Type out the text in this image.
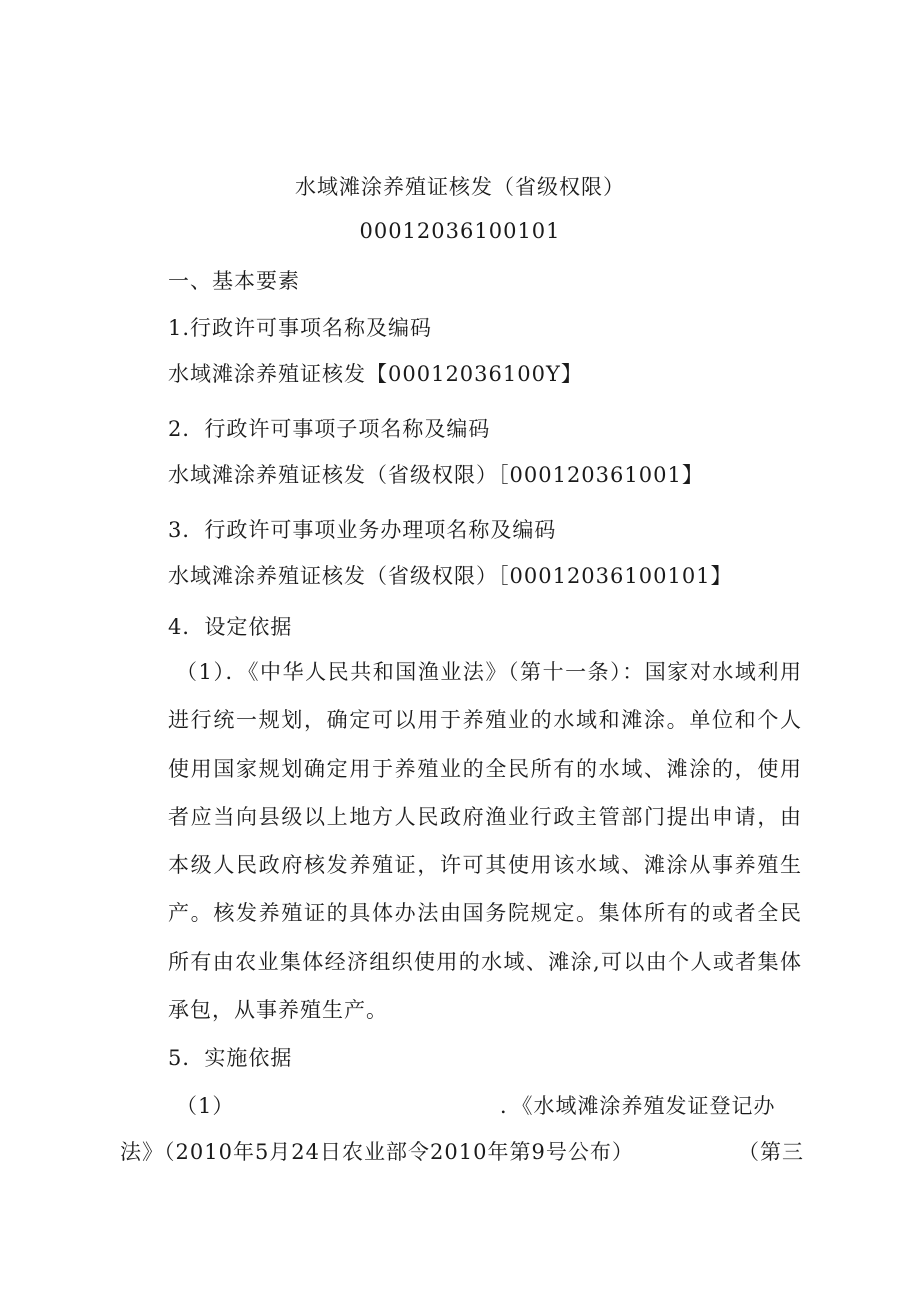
水域滩涂养殖证核发（省级权限）
00012036100101
一、基本要素
1.行政许可事项名称及编码
水域滩涂养殖证核发【00012036100Y】
2．行政许可事项子项名称及编码
水域滩涂养殖证核发（省级权限）［000120361001】
3．行政许可事项业务办理项名称及编码
水域滩涂养殖证核发（省级权限）［00012036100101】
4．设定依据
（1）．《中华人民共和国渔业法》（第十一条）：国家对水域利用进行统一规划，确定可以用于养殖业的水域和滩涂。单位和个人使用国家规划确定用于养殖业的全民所有的水域、滩涂的，使用者应当向县级以上地方人民政府渔业行政主管部门提出申请，由本级人民政府核发养殖证，许可其使用该水域、滩涂从事养殖生产。核发养殖证的具体办法由国务院规定。集体所有的或者全民所有由农业集体经济组织使用的水域、滩涂,可以由个人或者集体承包，从事养殖生产。
5．实施依据
（1）	．《水域滩涂养殖发证登记办
法》（2010年5月24日农业部令2010年第9号公布）	（第三
